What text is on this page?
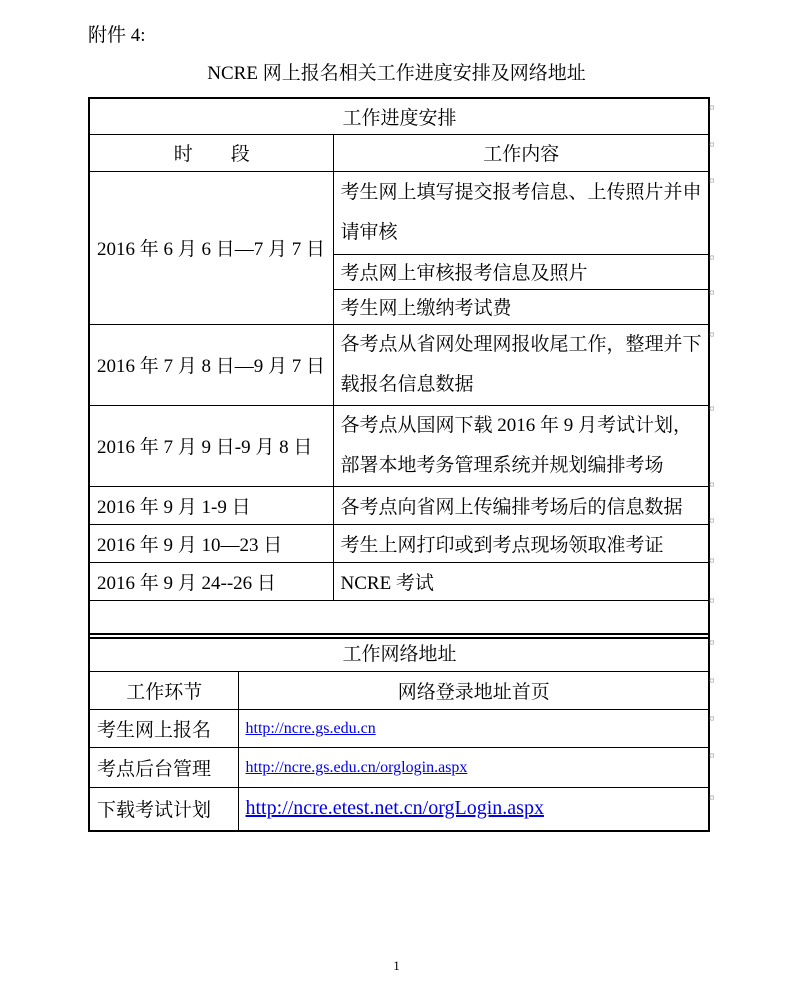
附件 4:
NCRE 网上报名相关工作进度安排及网络地址
工作进度安排	
时　　段	工作内容
2016 年 6 月 6 日—7 月 7 日	考生网上填写提交报考信息、上传照片并申请审核
	考点网上审核报考信息及照片
	考生网上缴纳考试费
2016 年 7 月 8 日—9 月 7 日	各考点从省网处理网报收尾工作，整理并下载报名信息数据
2016 年 7 月 9 日-9 月 8 日	各考点从国网下载 2016 年 9 月考试计划，部署本地考务管理系统并规划编排考场
2016 年 9 月 1-9 日	各考点向省网上传编排考场后的信息数据
2016 年 9 月 10—23 日	考生上网打印或到考点现场领取准考证
2016 年 9 月 24--26 日	NCRE 考试

工作网络地址	
工作环节	网络登录地址首页
考生网上报名	http://ncre.gs.edu.cn
考点后台管理	http://ncre.gs.edu.cn/orglogin.aspx
下载考试计划	http://ncre.etest.net.cn/orgLogin.aspx
¤
¤
¤
¤
¤
¤
¤
¤
¤
¤
¤
¤
¤
¤
¤
¤
1
